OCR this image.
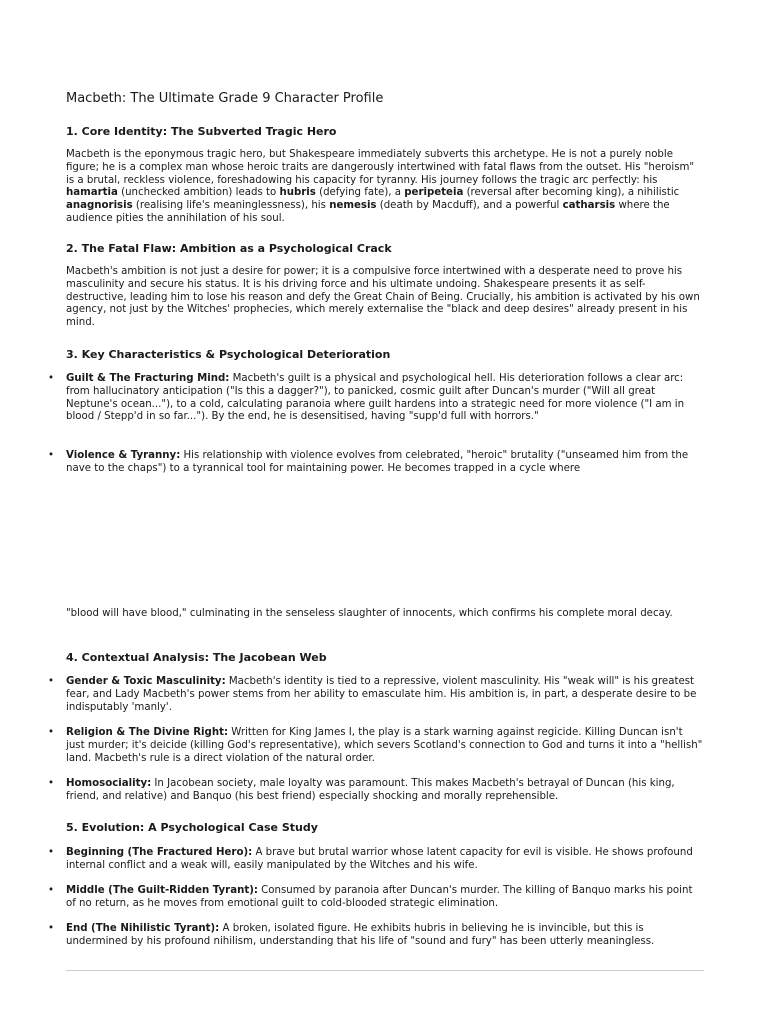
Macbeth: The Ultimate Grade 9 Character Profile
1. Core Identity: The Subverted Tragic Hero

Macbeth is the eponymous tragic hero, but Shakespeare immediately subverts this archetype. He is not a purely noble figure; he is a complex man whose heroic traits are dangerously intertwined with fatal flaws from the outset. His "heroism" is a brutal, reckless violence, foreshadowing his capacity for tyranny. His journey follows the tragic arc perfectly: his hamartia (unchecked ambition) leads to hubris (defying fate), a peripeteia (reversal after becoming king), a nihilistic anagnorisis (realising life's meaninglessness), his nemesis (death by Macduff), and a powerful catharsis where the audience pities the annihilation of his soul.

2. The Fatal Flaw: Ambition as a Psychological Crack

Macbeth's ambition is not just a desire for power; it is a compulsive force intertwined with a desperate need to prove his masculinity and secure his status. It is his driving force and his ultimate undoing. Shakespeare presents it as self-destructive, leading him to lose his reason and defy the Great Chain of Being. Crucially, his ambition is activated by his own agency, not just by the Witches' prophecies, which merely externalise the "black and deep desires" already present in his mind.

3. Key Characteristics & Psychological Deterioration
• Guilt & The Fracturing Mind: Macbeth's guilt is a physical and psychological hell. His deterioration follows a clear arc: from hallucinatory anticipation ("Is this a dagger?"), to panicked, cosmic guilt after Duncan's murder ("Will all great Neptune's ocean..."), to a cold, calculating paranoia where guilt hardens into a strategic need for more violence ("I am in blood / Stepp'd in so far..."). By the end, he is desensitised, having "supp'd full with horrors."
• Violence & Tyranny: His relationship with violence evolves from celebrated, "heroic" brutality ("unseamed him from the nave to the chaps") to a tyrannical tool for maintaining power. He becomes trapped in a cycle where

"blood will have blood," culminating in the senseless slaughter of innocents, which confirms his complete moral decay.

4. Contextual Analysis: The Jacobean Web
• Gender & Toxic Masculinity: Macbeth's identity is tied to a repressive, violent masculinity. His "weak will" is his greatest fear, and Lady Macbeth's power stems from her ability to emasculate him. His ambition is, in part, a desperate desire to be indisputably 'manly'.
• Religion & The Divine Right: Written for King James I, the play is a stark warning against regicide. Killing Duncan isn't just murder; it's deicide (killing God's representative), which severs Scotland's connection to God and turns it into a "hellish" land. Macbeth's rule is a direct violation of the natural order.
• Homosociality: In Jacobean society, male loyalty was paramount. This makes Macbeth's betrayal of Duncan (his king, friend, and relative) and Banquo (his best friend) especially shocking and morally reprehensible.
5. Evolution: A Psychological Case Study
• Beginning (The Fractured Hero): A brave but brutal warrior whose latent capacity for evil is visible. He shows profound internal conflict and a weak will, easily manipulated by the Witches and his wife.
• Middle (The Guilt-Ridden Tyrant): Consumed by paranoia after Duncan's murder. The killing of Banquo marks his point of no return, as he moves from emotional guilt to cold-blooded strategic elimination.
• End (The Nihilistic Tyrant): A broken, isolated figure. He exhibits hubris in believing he is invincible, but this is undermined by his profound nihilism, understanding that his life of "sound and fury" has been utterly meaningless.
